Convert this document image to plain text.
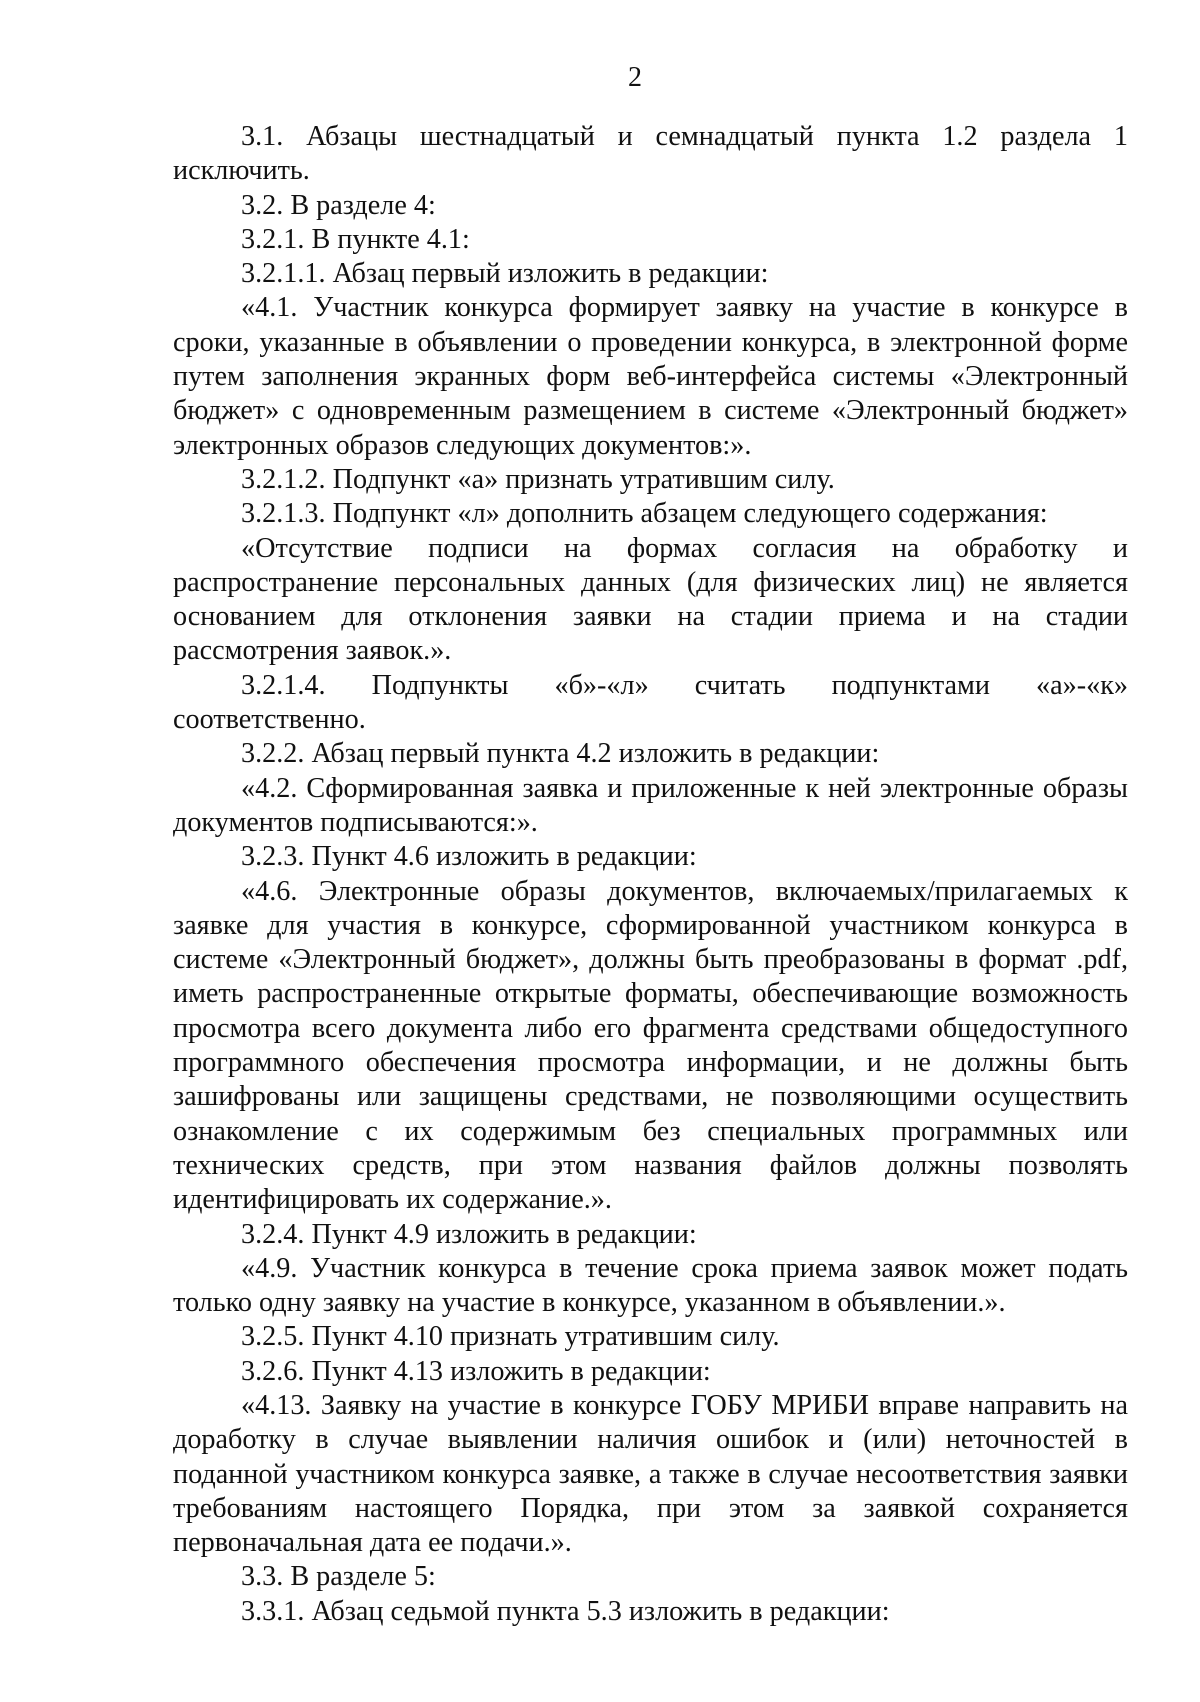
2

3.1. Абзацы шестнадцатый и семнадцатый пункта 1.2 раздела 1 исключить.

3.2. В разделе 4:

3.2.1. В пункте 4.1:

3.2.1.1. Абзац первый изложить в редакции:

«4.1. Участник конкурса формирует заявку на участие в конкурсе в сроки, указанные в объявлении о проведении конкурса, в электронной форме путем заполнения экранных форм веб-интерфейса системы «Электронный бюджет» с одновременным размещением в системе «Электронный бюджет» электронных образов следующих документов:».

3.2.1.2. Подпункт «а» признать утратившим силу.

3.2.1.3. Подпункт «л» дополнить абзацем следующего содержания:

«Отсутствие подписи на формах согласия на обработку и распространение персональных данных (для физических лиц) не является основанием для отклонения заявки на стадии приема и на стадии рассмотрения заявок.».

3.2.1.4. Подпункты «б»-«л» считать подпунктами «а»-«к» соответственно.

3.2.2. Абзац первый пункта 4.2 изложить в редакции:

«4.2. Сформированная заявка и приложенные к ней электронные образы документов подписываются:».

3.2.3. Пункт 4.6 изложить в редакции:

«4.6. Электронные образы документов, включаемых/прилагаемых к заявке для участия в конкурсе, сформированной участником конкурса в системе «Электронный бюджет», должны быть преобразованы в формат .pdf, иметь распространенные открытые форматы, обеспечивающие возможность просмотра всего документа либо его фрагмента средствами общедоступного программного обеспечения просмотра информации, и не должны быть зашифрованы или защищены средствами, не позволяющими осуществить ознакомление с их содержимым без специальных программных или технических средств, при этом названия файлов должны позволять идентифицировать их содержание.».

3.2.4. Пункт 4.9 изложить в редакции:

«4.9. Участник конкурса в течение срока приема заявок может подать только одну заявку на участие в конкурсе, указанном в объявлении.».

3.2.5. Пункт 4.10 признать утратившим силу.

3.2.6. Пункт 4.13 изложить в редакции:

«4.13. Заявку на участие в конкурсе ГОБУ МРИБИ вправе направить на доработку в случае выявлении наличия ошибок и (или) неточностей в поданной участником конкурса заявке, а также в случае несоответствия заявки требованиям настоящего Порядка, при этом за заявкой сохраняется первоначальная дата ее подачи.».

3.3. В разделе 5:

3.3.1. Абзац седьмой пункта 5.3 изложить в редакции:
